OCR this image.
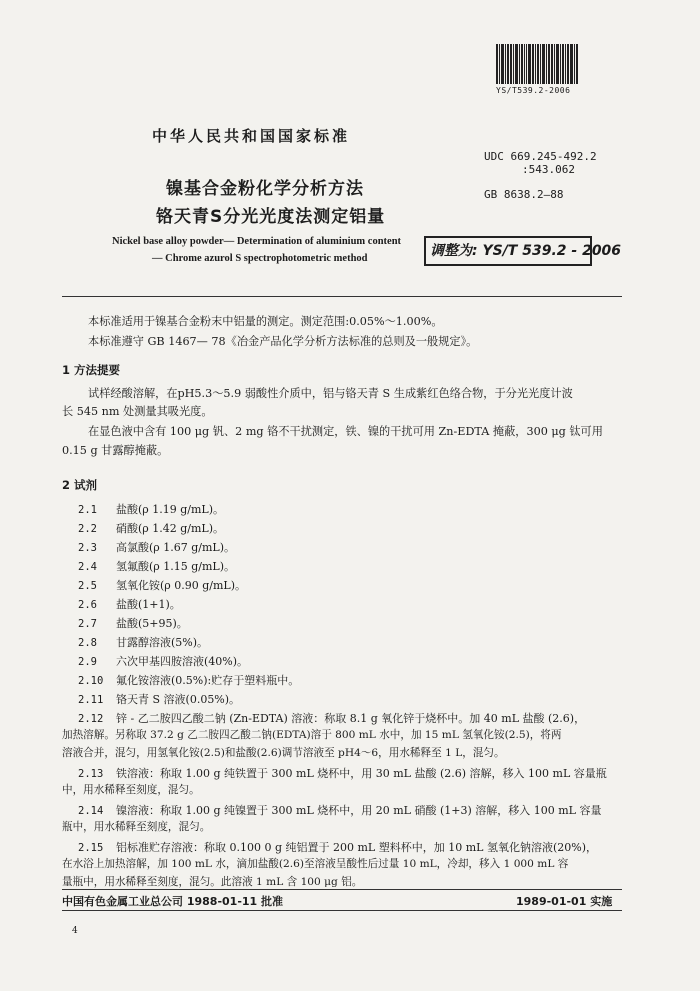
YS/T539.2-2006
中华人民共和国国家标准
UDC 669.245-492.2
:543.062
GB 8638.2—88
镍基合金粉化学分析方法
铬天青S分光光度法测定铝量
Nickel base alloy powder— Determination of aluminium content
— Chrome azurol S spectrophotometric method	调整为: YS/T 539.2 - 2006
本标准适用于镍基合金粉末中铝量的测定。测定范围:0.05%～1.00%。
本标准遵守 GB 1467— 78《冶金产品化学分析方法标准的总则及一般规定》。
1 方法提要
试样经酸溶解，在pH5.3～5.9 弱酸性介质中，铝与铬天青 S 生成紫红色络合物，于分光光度计波
长 545 nm 处测量其吸光度。
在显色液中含有 100 μg 钒、2 mg 铬不干扰测定，铁、镍的干扰可用 Zn-EDTA 掩蔽，300 μg 钛可用
0.15 g 甘露醇掩蔽。
2 试剂
2.1 盐酸(ρ 1.19 g/mL)。
2.2 硝酸(ρ 1.42 g/mL)。
2.3 高氯酸(ρ 1.67 g/mL)。
2.4 氢氟酸(ρ 1.15 g/mL)。
2.5 氢氧化铵(ρ 0.90 g/mL)。
2.6 盐酸(1+1)。
2.7 盐酸(5+95)。
2.8 甘露醇溶液(5%)。
2.9 六次甲基四胺溶液(40%)。
2.10 氟化铵溶液(0.5%):贮存于塑料瓶中。
2.11 铬天青 S 溶液(0.05%)。
2.12 锌 - 乙二胺四乙酸二钠 (Zn-EDTA) 溶液：称取 8.1 g 氧化锌于烧杯中。加 40 mL 盐酸 (2.6)，
加热溶解。另称取 37.2 g 乙二胺四乙酸二钠(EDTA)溶于 800 mL 水中，加 15 mL 氢氧化铵(2.5)，将两
溶液合并，混匀，用氢氧化铵(2.5)和盐酸(2.6)调节溶液至 pH4～6，用水稀释至 1 L，混匀。
2.13 铁溶液：称取 1.00 g 纯铁置于 300 mL 烧杯中，用 30 mL 盐酸 (2.6) 溶解，移入 100 mL 容量瓶
中，用水稀释至刻度，混匀。
2.14 镍溶液：称取 1.00 g 纯镍置于 300 mL 烧杯中，用 20 mL 硝酸 (1+3) 溶解，移入 100 mL 容量
瓶中，用水稀释至刻度，混匀。
2.15 铝标准贮存溶液：称取 0.100 0 g 纯铝置于 200 mL 塑料杯中，加 10 mL 氢氧化钠溶液(20%)，
在水浴上加热溶解，加 100 mL 水，滴加盐酸(2.6)至溶液呈酸性后过量 10 mL，冷却，移入 1 000 mL 容
量瓶中，用水稀释至刻度，混匀。此溶液 1 mL 含 100 μg 铝。
中国有色金属工业总公司 1988-01-11 批准	1989-01-01 实施
4
